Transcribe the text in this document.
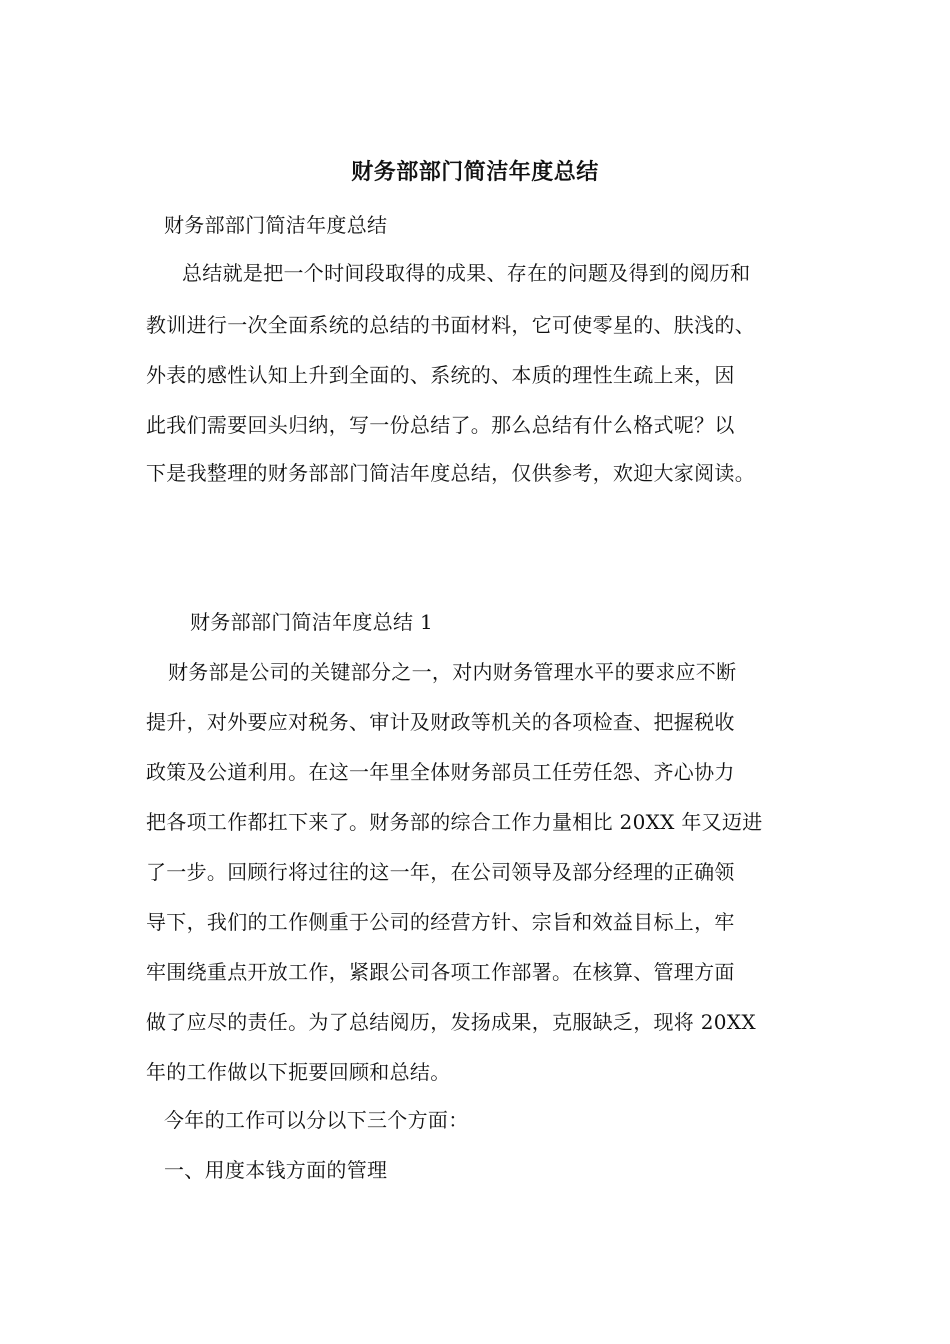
财务部部门简洁年度总结
财务部部门简洁年度总结
总结就是把一个时间段取得的成果、存在的问题及得到的阅历和
教训进行一次全面系统的总结的书面材料，它可使零星的、肤浅的、
外表的感性认知上升到全面的、系统的、本质的理性生疏上来，因
此我们需要回头归纳，写一份总结了。那么总结有什么格式呢？以
下是我整理的财务部部门简洁年度总结，仅供参考，欢迎大家阅读。
财务部部门简洁年度总结 1
财务部是公司的关键部分之一，对内财务管理水平的要求应不断
提升，对外要应对税务、审计及财政等机关的各项检查、把握税收
政策及公道利用。在这一年里全体财务部员工任劳任怨、齐心协力
把各项工作都扛下来了。财务部的综合工作力量相比 20XX 年又迈进
了一步。回顾行将过往的这一年，在公司领导及部分经理的正确领
导下，我们的工作侧重于公司的经营方针、宗旨和效益目标上，牢
牢围绕重点开放工作，紧跟公司各项工作部署。在核算、管理方面
做了应尽的责任。为了总结阅历，发扬成果，克服缺乏，现将 20XX
年的工作做以下扼要回顾和总结。
今年的工作可以分以下三个方面：
一、用度本钱方面的管理
